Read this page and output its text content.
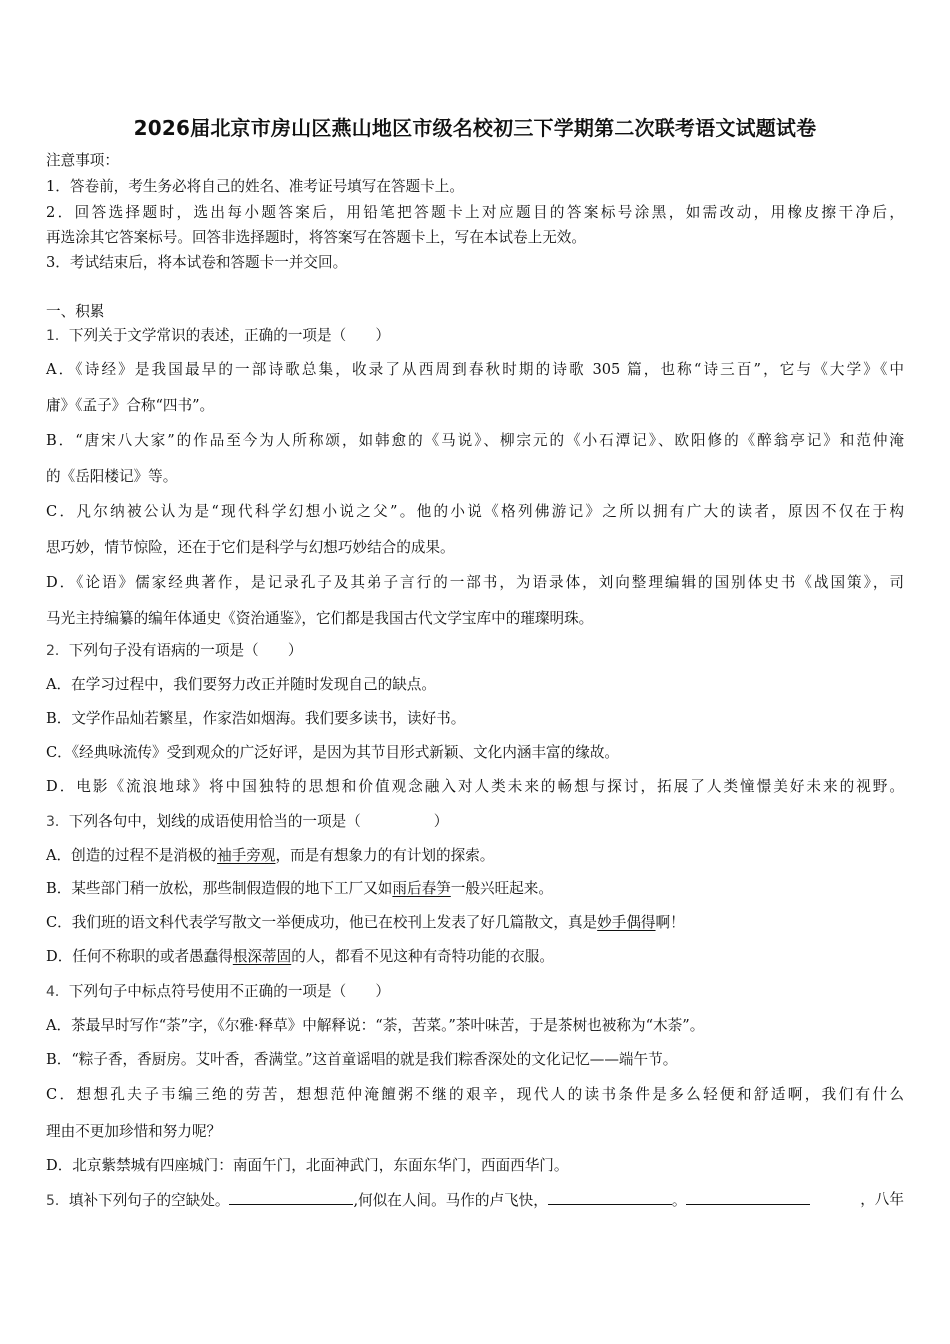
2026届北京市房山区燕山地区市级名校初三下学期第二次联考语文试题试卷
注意事项：
1．答卷前，考生务必将自己的姓名、准考证号填写在答题卡上。
2．回答选择题时，选出每小题答案后，用铅笔把答题卡上对应题目的答案标号涂黑，如需改动，用橡皮擦干净后，
再选涂其它答案标号。回答非选择题时，将答案写在答题卡上，写在本试卷上无效。
3．考试结束后，将本试卷和答题卡一并交回。
一、积累
1．下列关于文学常识的表述，正确的一项是（　　）
A．《诗经》是我国最早的一部诗歌总集，收录了从西周到春秋时期的诗歌 305 篇，也称“诗三百”，它与《大学》《中
庸》《孟子》合称“四书”。
B．“唐宋八大家”的作品至今为人所称颂，如韩愈的《马说》、柳宗元的《小石潭记》、欧阳修的《醉翁亭记》和范仲淹
的《岳阳楼记》等。
C．凡尔纳被公认为是“现代科学幻想小说之父”。他的小说《格列佛游记》之所以拥有广大的读者，原因不仅在于构
思巧妙，情节惊险，还在于它们是科学与幻想巧妙结合的成果。
D．《论语》儒家经典著作，是记录孔子及其弟子言行的一部书，为语录体，刘向整理编辑的国别体史书《战国策》，司
马光主持编纂的编年体通史《资治通鉴》，它们都是我国古代文学宝库中的璀璨明珠。
2．下列句子没有语病的一项是（　　）
A．在学习过程中，我们要努力改正并随时发现自己的缺点。
B．文学作品灿若繁星，作家浩如烟海。我们要多读书，读好书。
C．《经典咏流传》受到观众的广泛好评，是因为其节目形式新颖、文化内涵丰富的缘故。
D．电影《流浪地球》将中国独特的思想和价值观念融入对人类未来的畅想与探讨，拓展了人类憧憬美好未来的视野。
3．下列各句中，划线的成语使用恰当的一项是（　　　　　）
A．创造的过程不是消极的袖手旁观，而是有想象力的有计划的探索。
B．某些部门稍一放松，那些制假造假的地下工厂又如雨后春笋一般兴旺起来。
C．我们班的语文科代表学写散文一举便成功，他已在校刊上发表了好几篇散文，真是妙手偶得啊！
D．任何不称职的或者愚蠢得根深蒂固的人，都看不见这种有奇特功能的衣服。
4．下列句子中标点符号使用不正确的一项是（　　）
A．茶最早时写作“荼”字，《尔雅·释草》中解释说：“荼，苦菜。”茶叶味苦，于是茶树也被称为“木荼”。
B．“粽子香，香厨房。艾叶香，香满堂。”这首童谣唱的就是我们粽香深处的文化记忆——端午节。
C．想想孔夫子韦编三绝的劳苦，想想范仲淹饘粥不继的艰辛，现代人的读书条件是多么轻便和舒适啊，我们有什么
理由不更加珍惜和努力呢？
D．北京紫禁城有四座城门：南面午门，北面神武门，东面东华门，西面西华门。
5．填补下列句子的空缺处。	,何似在人间。马作的卢飞快，	。	，八年
